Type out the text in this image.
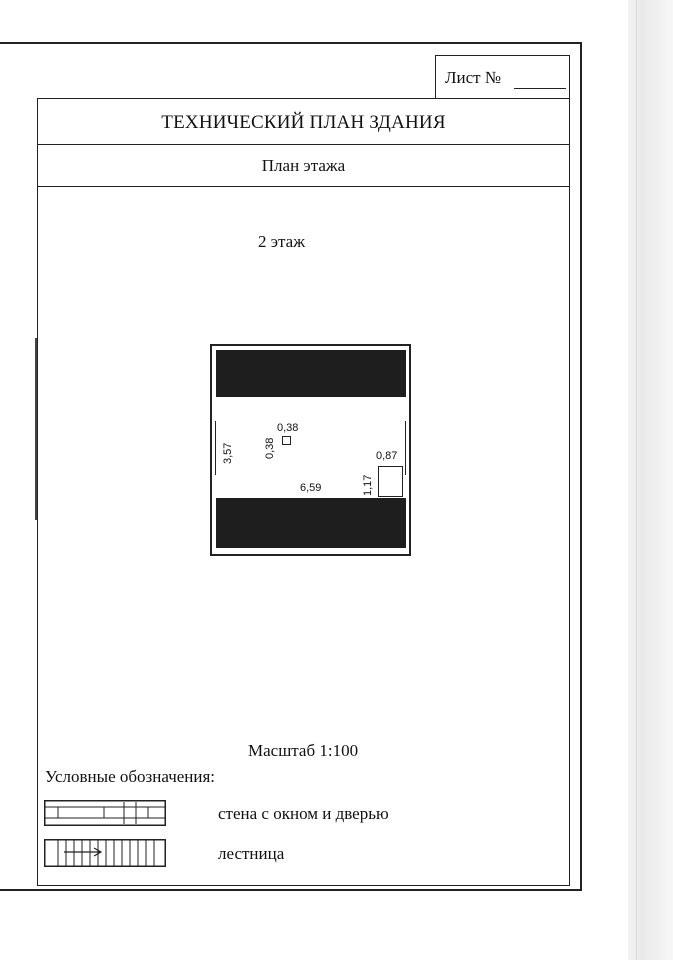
Лист №
ТЕХНИЧЕСКИЙ ПЛАН ЗДАНИЯ
План этажа
2 этаж
3,57
6,59
0,38
0,38
0,87
1,17
Масштаб 1:100
Условные обозначения:
стена с окном и дверью
лестница
